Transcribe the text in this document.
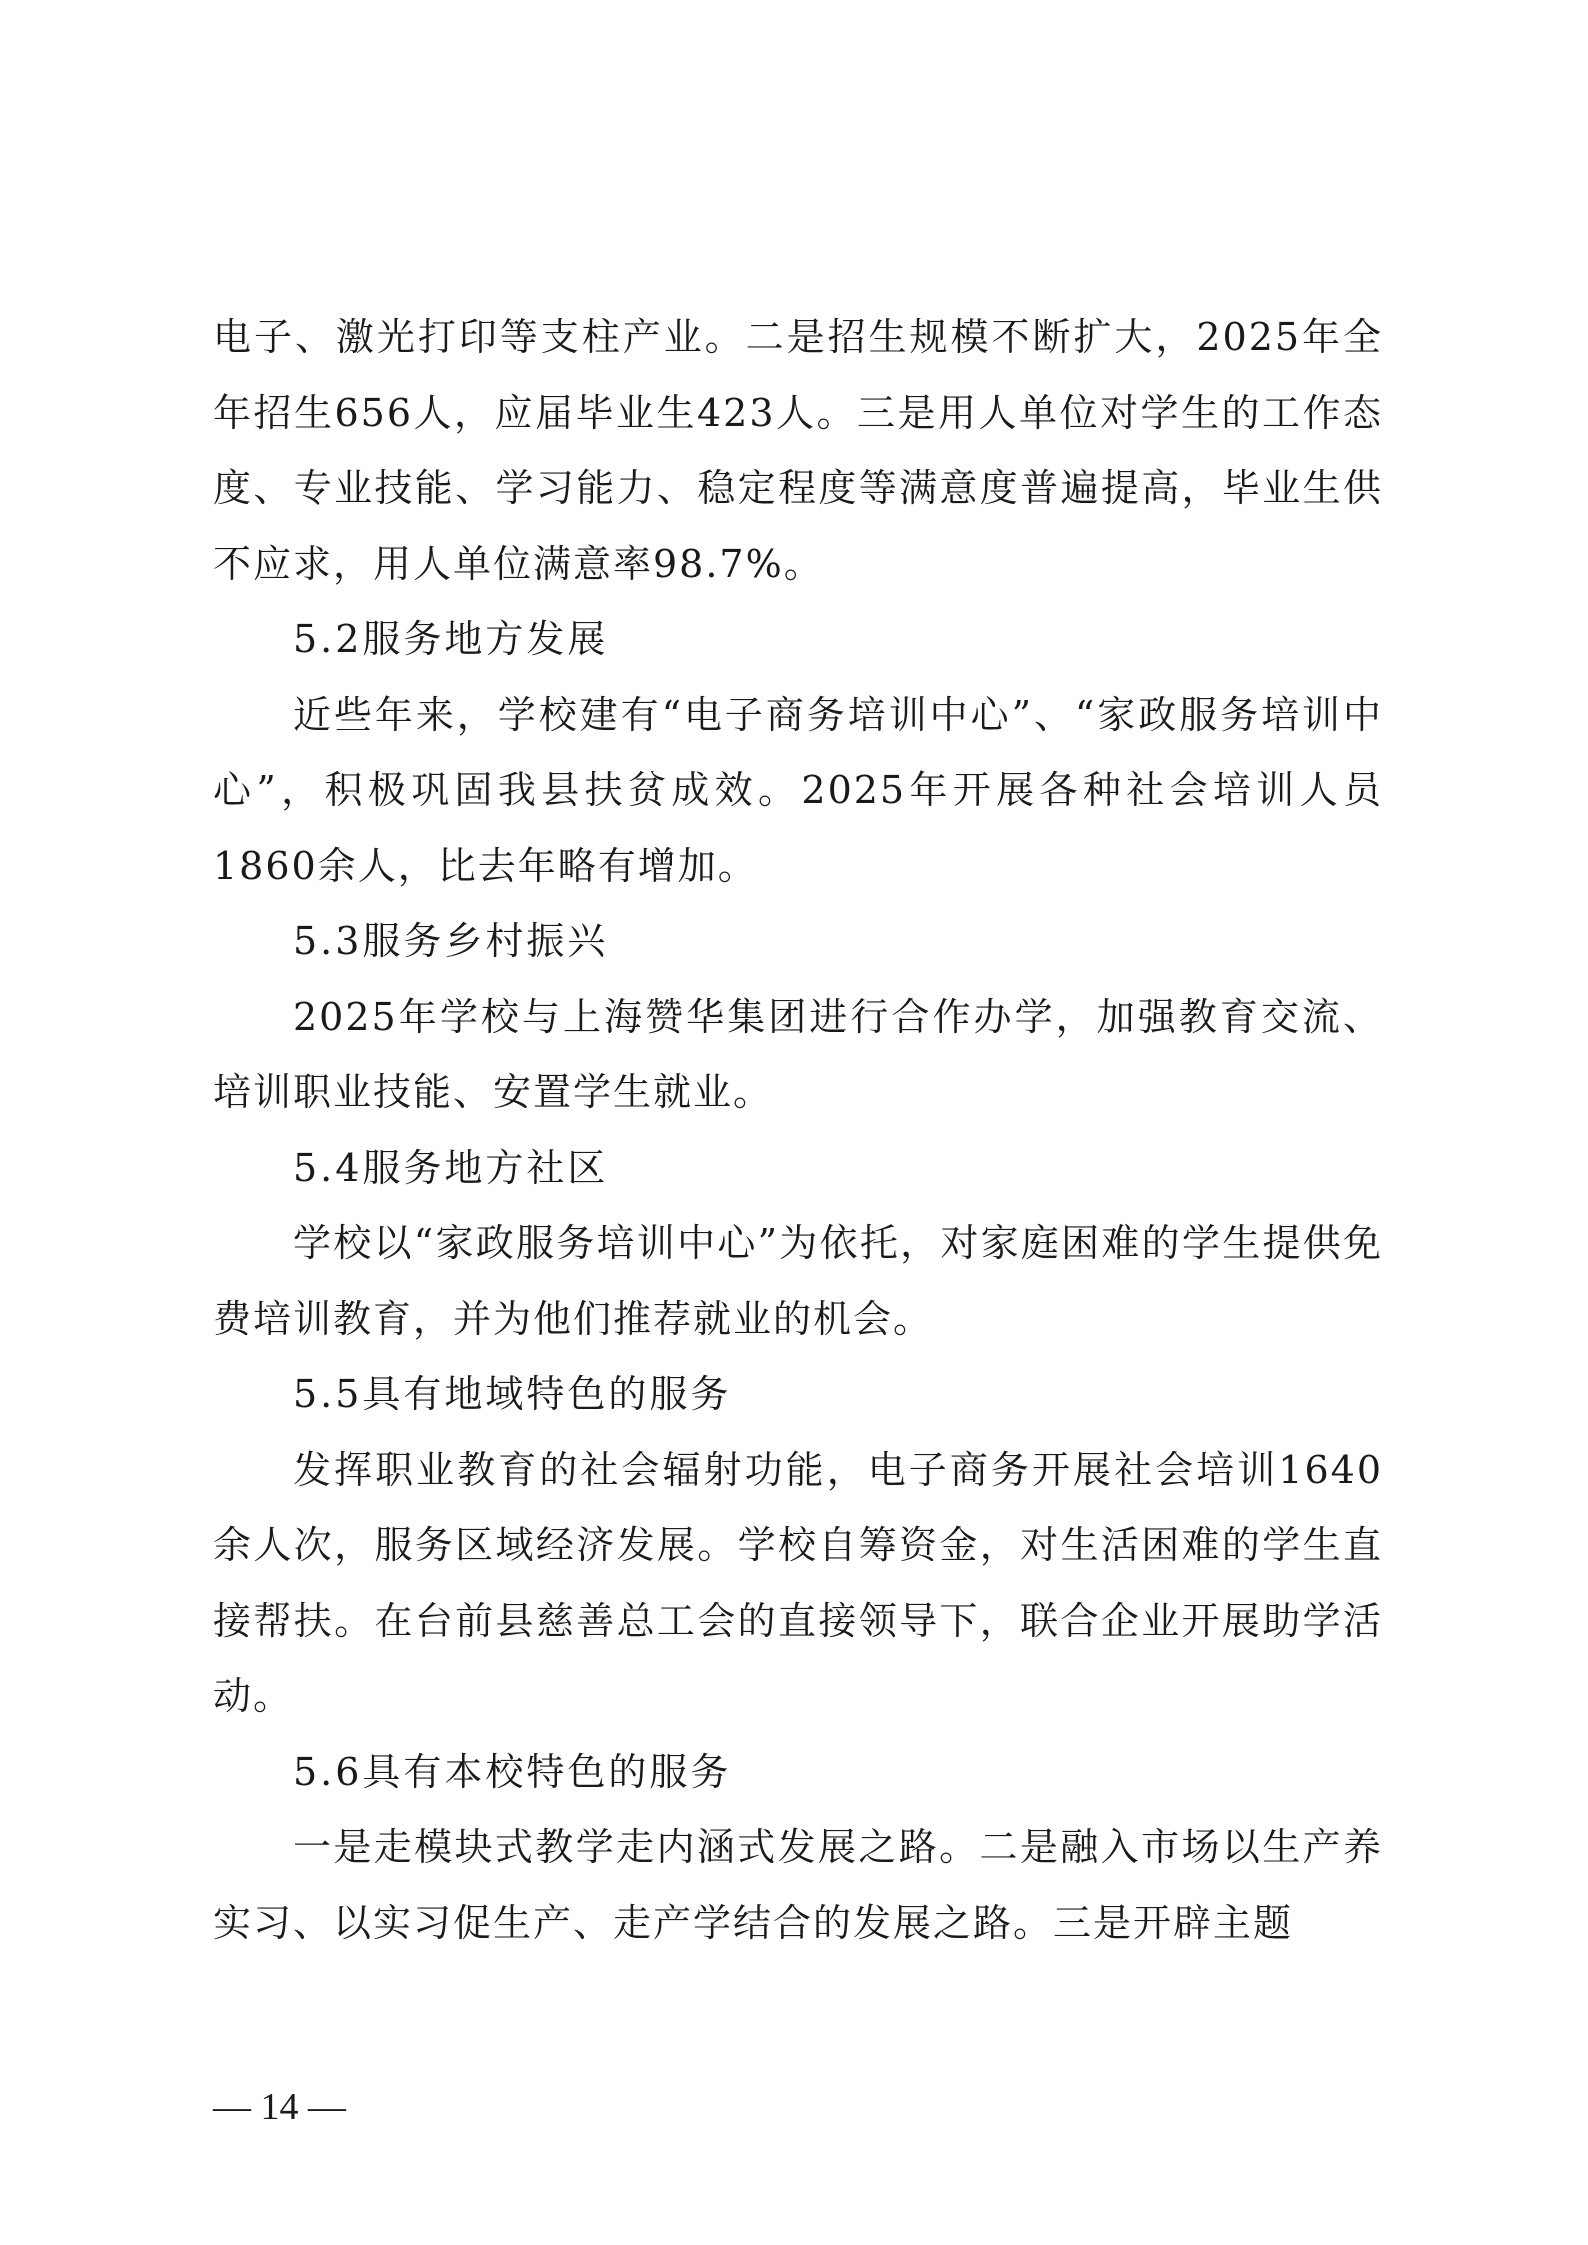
电子、激光打印等支柱产业。二是招生规模不断扩大，2025年全年招生656人，应届毕业生423人。三是用人单位对学生的工作态度、专业技能、学习能力、稳定程度等满意度普遍提高，毕业生供不应求，用人单位满意率98.7%。

5.2服务地方发展

近些年来，学校建有“电子商务培训中心”、“家政服务培训中心”，积极巩固我县扶贫成效。2025年开展各种社会培训人员1860余人，比去年略有增加。

5.3服务乡村振兴

2025年学校与上海赞华集团进行合作办学，加强教育交流、培训职业技能、安置学生就业。

5.4服务地方社区

学校以“家政服务培训中心”为依托，对家庭困难的学生提供免费培训教育，并为他们推荐就业的机会。

5.5具有地域特色的服务

发挥职业教育的社会辐射功能，电子商务开展社会培训1640余人次，服务区域经济发展。学校自筹资金，对生活困难的学生直接帮扶。在台前县慈善总工会的直接领导下，联合企业开展助学活动。

5.6具有本校特色的服务

一是走模块式教学走内涵式发展之路。二是融入市场以生产养实习、以实习促生产、走产学结合的发展之路。三是开辟主题

— 14 —
